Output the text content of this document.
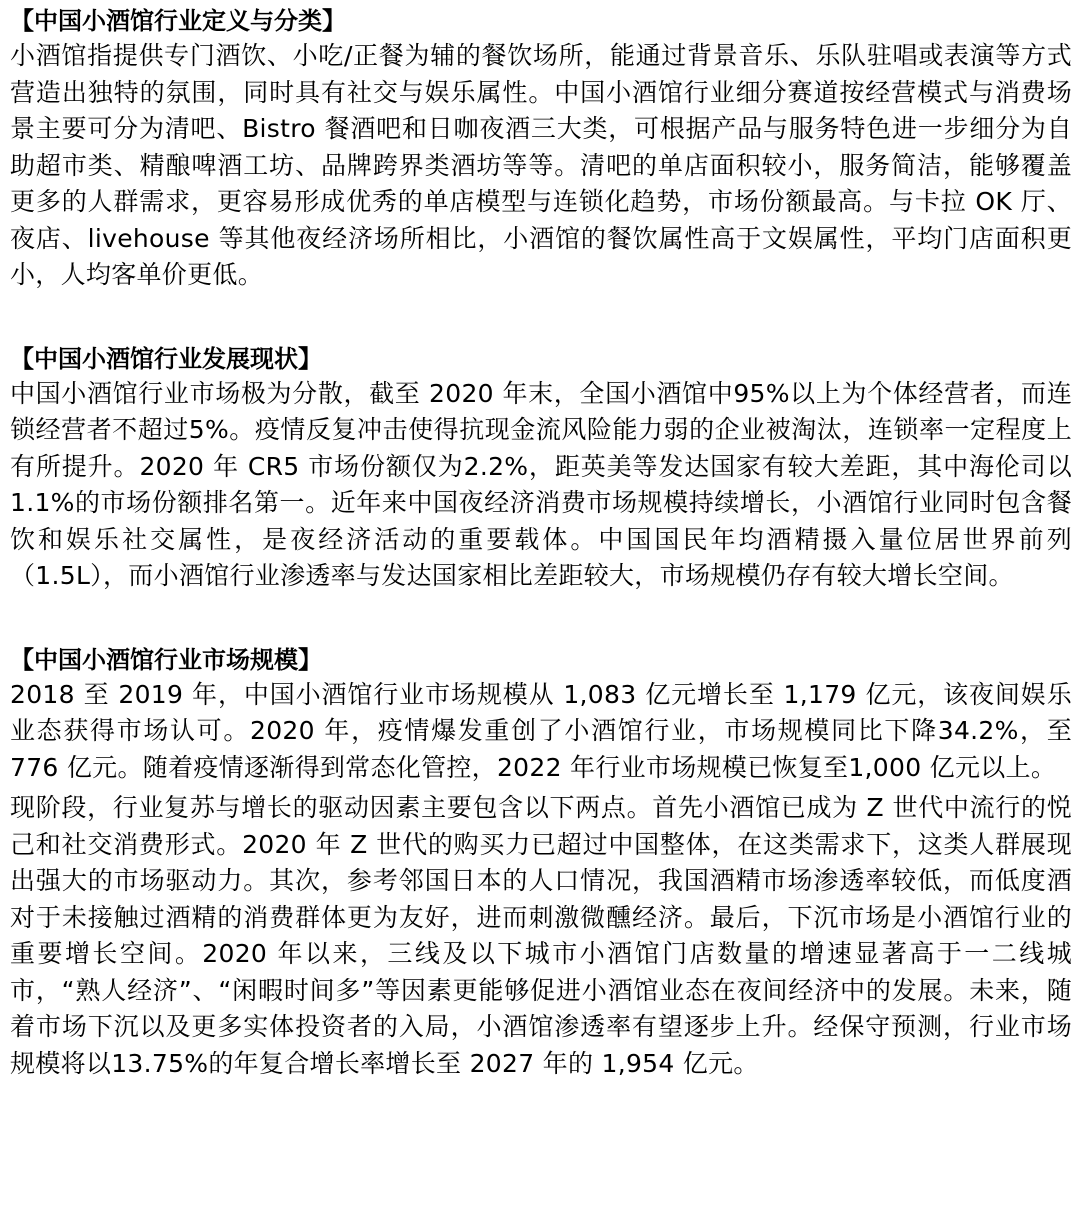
【中国小酒馆行业定义与分类】

小酒馆指提供专门酒饮、小吃/正餐为辅的餐饮场所，能通过背景音乐、乐队驻唱或表演等方式营造出独特的氛围，同时具有社交与娱乐属性。中国小酒馆行业细分赛道按经营模式与消费场景主要可分为清吧、Bistro 餐酒吧和日咖夜酒三大类，可根据产品与服务特色进一步细分为自助超市类、精酿啤酒工坊、品牌跨界类酒坊等等。清吧的单店面积较小，服务简洁，能够覆盖更多的人群需求，更容易形成优秀的单店模型与连锁化趋势，市场份额最高。与卡拉 OK 厅、夜店、livehouse 等其他夜经济场所相比，小酒馆的餐饮属性高于文娱属性，平均门店面积更小，人均客单价更低。

【中国小酒馆行业发展现状】

中国小酒馆行业市场极为分散，截至 2020 年末，全国小酒馆中95%以上为个体经营者，而连锁经营者不超过5%。疫情反复冲击使得抗现金流风险能力弱的企业被淘汰，连锁率一定程度上有所提升。2020 年 CR5 市场份额仅为2.2%，距英美等发达国家有较大差距，其中海伦司以1.1%的市场份额排名第一。近年来中国夜经济消费市场规模持续增长，小酒馆行业同时包含餐饮和娱乐社交属性，是夜经济活动的重要载体。中国国民年均酒精摄入量位居世界前列（1.5L），而小酒馆行业渗透率与发达国家相比差距较大，市场规模仍存有较大增长空间。

【中国小酒馆行业市场规模】

2018 至 2019 年，中国小酒馆行业市场规模从 1,083 亿元增长至 1,179 亿元，该夜间娱乐业态获得市场认可。2020 年，疫情爆发重创了小酒馆行业，市场规模同比下降34.2%，至 776 亿元。随着疫情逐渐得到常态化管控，2022 年行业市场规模已恢复至1,000 亿元以上。

现阶段，行业复苏与增长的驱动因素主要包含以下两点。首先小酒馆已成为 Z 世代中流行的悦己和社交消费形式。2020 年 Z 世代的购买力已超过中国整体，在这类需求下，这类人群展现出强大的市场驱动力。其次，参考邻国日本的人口情况，我国酒精市场渗透率较低，而低度酒对于未接触过酒精的消费群体更为友好，进而刺激微醺经济。最后，下沉市场是小酒馆行业的重要增长空间。2020 年以来，三线及以下城市小酒馆门店数量的增速显著高于一二线城市，“熟人经济”、“闲暇时间多”等因素更能够促进小酒馆业态在夜间经济中的发展。未来，随着市场下沉以及更多实体投资者的入局，小酒馆渗透率有望逐步上升。经保守预测，行业市场规模将以13.75%的年复合增长率增长至 2027 年的 1,954 亿元。
